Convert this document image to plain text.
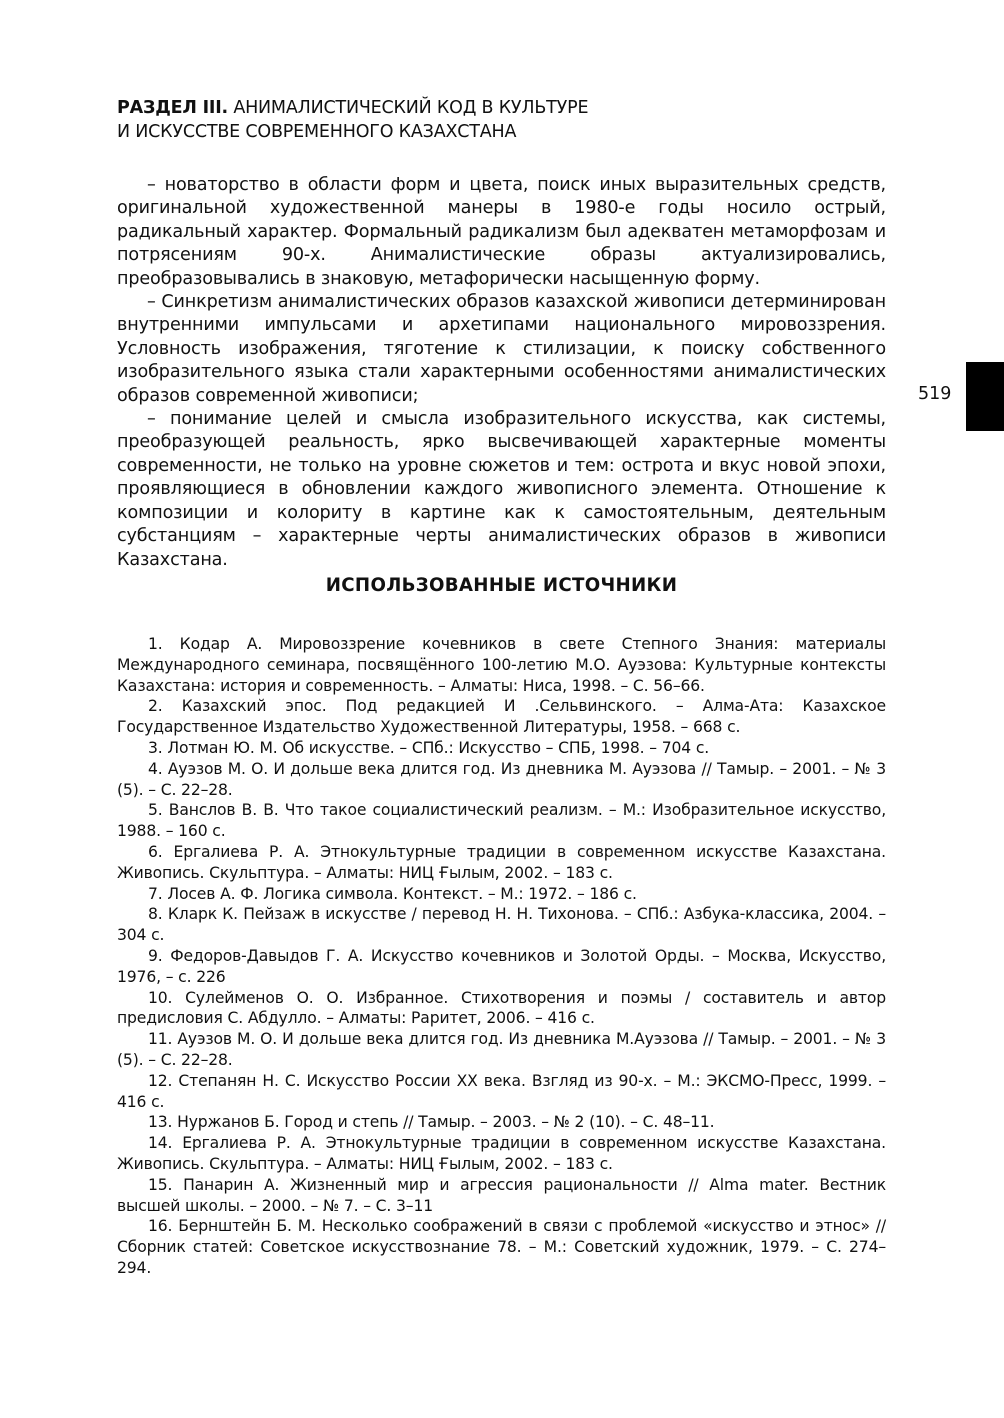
РАЗДЕЛ III. АНИМАЛИСТИЧЕСКИЙ КОД В КУЛЬТУРЕ
И ИСКУССТВЕ СОВРЕМЕННОГО КАЗАХСТАНА
519

– новаторство в области форм и цвета, поиск иных выразительных средств, оригинальной художественной манеры в 1980-е годы носило острый, радикальный характер. Формальный радикализм был адекватен метаморфозам и потрясениям 90-х. Анималистические образы актуализировались, преобразовывались в знаковую, метафорически насыщенную форму.

– Синкретизм анималистических образов казахской живописи детерминирован внутренними импульсами и архетипами национального мировоззрения. Условность изображения, тяготение к стилизации, к поиску собственного изобразительного языка стали характерными особенностями анималистических образов современной живописи;

– понимание целей и смысла изобразительного искусства, как системы, преобразующей реальность, ярко высвечивающей характерные моменты современности, не только на уровне сюжетов и тем: острота и вкус новой эпохи, проявляющиеся в обновлении каждого живописного элемента. Отношение к композиции и колориту в картине как к самостоятельным, деятельным субстанциям – характерные черты анималистических образов в живописи Казахстана.

ИСПОЛЬЗОВАННЫЕ ИСТОЧНИКИ

1. Кодар А. Мировоззрение кочевников в свете Степного Знания: материалы Международного семинара, посвящённого 100-летию М.О. Ауэзова: Культурные контексты Казахстана: история и современность. – Алматы: Ниса, 1998. – С. 56–66.

2. Казахский эпос. Под редакцией И .Сельвинского. – Алма-Ата: Казахское Государственное Издательство Художественной Литературы, 1958. – 668 с.

3. Лотман Ю. М. Об искусстве. – СПб.: Искусство – СПБ, 1998. – 704 с.

4. Ауэзов М. О. И дольше века длится год. Из дневника М. Ауэзова // Тамыр. – 2001. – № 3 (5). – С. 22–28.

5. Ванслов В. В. Что такое социалистический реализм. – М.: Изобразительное искусство, 1988. – 160 с.

6. Ергалиева Р. А. Этнокультурные традиции в современном искусстве Казахстана. Живопись. Скульптура. – Алматы: НИЦ Ғылым, 2002. – 183 с.

7. Лосев А. Ф. Логика символа. Контекст. – М.: 1972. – 186 с.

8. Кларк К. Пейзаж в искусстве / перевод Н. Н. Тихонова. – СПб.: Азбука-классика, 2004. – 304 с.

9. Федоров-Давыдов Г. А. Искусство кочевников и Золотой Орды. – Москва, Искусство, 1976, – с. 226

10. Сулейменов О. О. Избранное. Стихотворения и поэмы / составитель и автор предисловия С. Абдулло. – Алматы: Раритет, 2006. – 416 с.

11. Ауэзов М. О. И дольше века длится год. Из дневника М.Ауэзова // Тамыр. – 2001. – № 3 (5). – С. 22–28.

12. Степанян Н. С. Искусство России XX века. Взгляд из 90-х. – М.: ЭКСМО-Пресс, 1999. – 416 с.

13. Нуржанов Б. Город и степь // Тамыр. – 2003. – № 2 (10). – С. 48–11.

14. Ергалиева Р. А. Этнокультурные традиции в современном искусстве Казахстана. Живопись. Скульптура. – Алматы: НИЦ Ғылым, 2002. – 183 с.

15. Панарин А. Жизненный мир и агрессия рациональности // Alma mater. Вестник высшей школы. – 2000. – № 7. – С. 3–11

16. Бернштейн Б. М. Несколько соображений в связи с проблемой «искусство и этнос» // Сборник статей: Советское искусствознание 78. – М.: Советский художник, 1979. – С. 274–294.
